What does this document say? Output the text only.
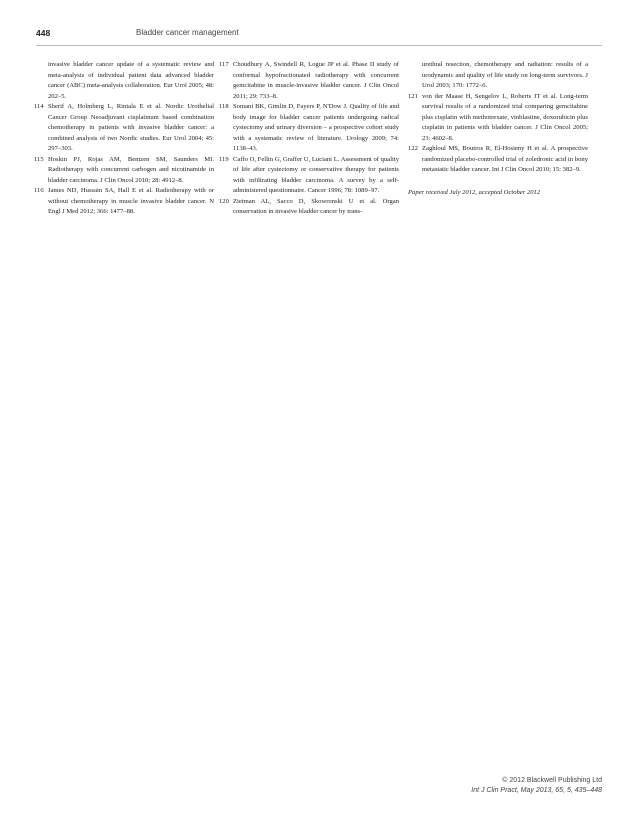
448	Bladder cancer management

invasive bladder cancer update of a systematic review and meta-analysis of individual patient data advanced bladder cancer (ABC) meta-analysis collaboration. Eur Urol 2005; 48: 202–5.

114 Sherif A, Holmberg L, Rintala E et al. Nordic Urothelial Cancer Group Neoadjuvant cisplatinum based combination chemotherapy in patients with invasive bladder cancer: a combined analysis of two Nordic studies. Eur Urol 2004; 45: 297–303.

115 Hoskin PJ, Rojas AM, Bentzen SM, Saunders MI. Radiotherapy with concurrent carbogen and nicotinamide in bladder carcinoma. J Clin Oncol 2010; 28: 4912–8.

116 James ND, Hussain SA, Hall E et al. Radiotherapy with or without chemotherapy in muscle invasive bladder cancer. N Engl J Med 2012; 366: 1477–88.

117 Choudhury A, Swindell R, Logue JP et al. Phase II study of conformal hypofractionated radiotherapy with concurrent gemcitabine in muscle-invasive bladder cancer. J Clin Oncol 2011; 29: 733–8.

118 Somani BK, Gimlin D, Fayers P, N'Dow J. Quality of life and body image for bladder cancer patients undergoing radical cystectomy and urinary diversion – a prospective cohort study with a systematic review of literature. Urology 2009; 74: 1138–43.

119 Caffo O, Fellin G, Graffer U, Luciani L. Assessment of quality of life after cystectomy or conservative therapy for patients with infiltrating bladder carcinoma. A survey by a self-administered questionnaire. Cancer 1996; 78: 1089–97.

120 Zietman AL, Sacco D, Skowronski U et al. Organ conservation in invasive bladder cancer by trans-

urethral resection, chemotherapy and radiation: results of a urodynamic and quality of life study on long-term survivors. J Urol 2003; 170: 1772–6.

121 von der Maase H, Sengelov L, Roberts JT et al. Long-term survival results of a randomized trial comparing gemcitabine plus cisplatin with methotrexate, vinblastine, doxorubicin plus cisplatin in patients with bladder cancer. J Clin Oncol 2005; 23: 4602–8.

122 Zaghloul MS, Boutros R, El-Hosieny H et al. A prospective randomized placebo-controlled trial of zoledronic acid in bony metastatic bladder cancer. Int J Clin Oncol 2010; 15: 382–9.

Paper received July 2012, accepted October 2012

© 2012 Blackwell Publishing Ltd
Int J Clin Pract, May 2013, 65, 5, 435–448
